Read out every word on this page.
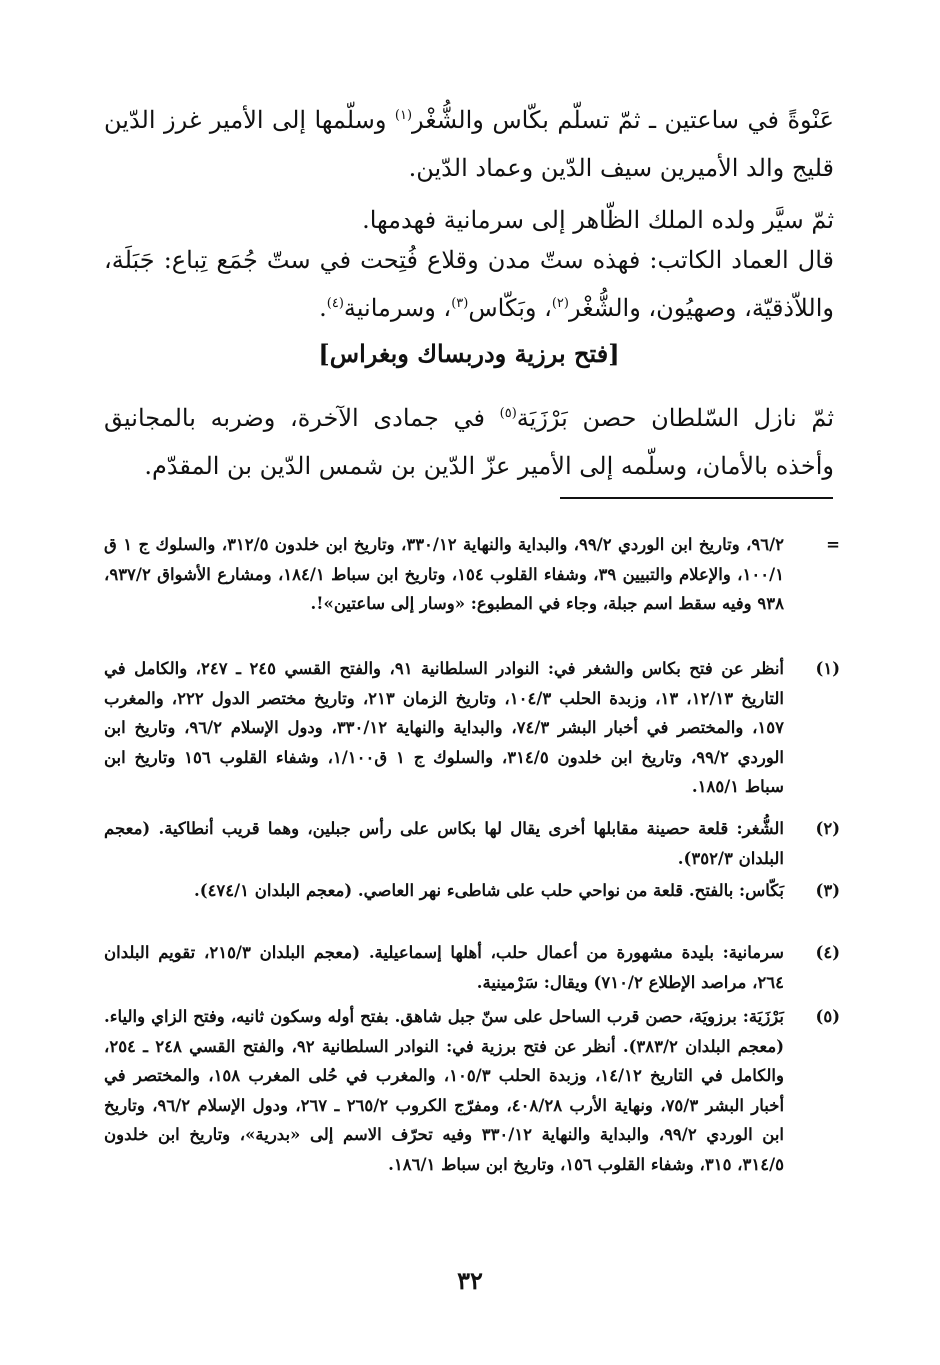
عَنْوةً في ساعتين ـ ثمّ تسلّم بكّاس والشُّغْر$^{(١)}$ وسلّمها إلى الأمير غرز الدّين قليج والد الأميرين سيف الدّين وعماد الدّين.
ثمّ سيَّر ولده الملك الظّاهر إلى سرمانية فهدمها.
قال العماد الكاتب: فهذه ستّ مدن وقلاع فُتِحت في ستّ جُمَع تِباع: جَبَلَة، واللاّذقيّة، وصهيُون، والشُّغْر$^{(٢)}$، وبَكّاس$^{(٣)}$، وسرمانية$^{(٤)}$.
[فتح برزية ودربساك وبغراس]
ثمّ نازل السّلطان حصن بَرْزَيَة$^{(٥)}$ في جمادى الآخرة، وضربه بالمجانيق وأخذه بالأمان، وسلّمه إلى الأمير عزّ الدّين بن شمس الدّين بن المقدّم.
=
٩٦/٢، وتاريخ ابن الوردي ٩٩/٢، والبداية والنهاية ٣٣٠/١٢، وتاريخ ابن خلدون ٣١٢/٥، والسلوك ج ١ ق ١٠٠/١، والإعلام والتبيين ٣٩، وشفاء القلوب ١٥٤، وتاريخ ابن سباط ١٨٤/١، ومشارع الأشواق ٩٣٧/٢، ٩٣٨ وفيه سقط اسم جبلة، وجاء في المطبوع: «وسار إلى ساعتين»!.
(١)
أنظر عن فتح بكاس والشغر في: النوادر السلطانية ٩١، والفتح القسي ٢٤٥ ـ ٢٤٧، والكامل في التاريخ ١٢/١٣، ١٣، وزبدة الحلب ١٠٤/٣، وتاريخ الزمان ٢١٣، وتاريخ مختصر الدول ٢٢٢، والمغرب ١٥٧، والمختصر في أخبار البشر ٧٤/٣، والبداية والنهاية ٣٣٠/١٢، ودول الإسلام ٩٦/٢، وتاريخ ابن الوردي ٩٩/٢، وتاريخ ابن خلدون ٣١٤/٥، والسلوك ج ١ ق١/١٠٠، وشفاء القلوب ١٥٦ وتاريخ ابن سباط ١٨٥/١.
(٢)
الشُّغر: قلعة حصينة مقابلها أخرى يقال لها بكاس على رأس جبلين، وهما قريب أنطاكية. (معجم البلدان ٣٥٢/٣).
(٣)
بَكّاس: بالفتح. قلعة من نواحي حلب على شاطىء نهر العاصي. (معجم البلدان ٤٧٤/١).
(٤)
سرمانية: بليدة مشهورة من أعمال حلب، أهلها إسماعيلية. (معجم البلدان ٢١٥/٣، تقويم البلدان ٢٦٤، مراصد الإطلاع ٧١٠/٢) ويقال: سَرْمينية.
(٥)
بَرْزَيَة: برزويَة، حصن قرب الساحل على سنّ جبل شاهق. بفتح أوله وسكون ثانيه، وفتح الزاي والياء. (معجم البلدان ٣٨٣/٢). أنظر عن فتح برزية في: النوادر السلطانية ٩٢، والفتح القسي ٢٤٨ ـ ٢٥٤، والكامل في التاريخ ١٤/١٢، وزبدة الحلب ١٠٥/٣، والمغرب في حُلى المغرب ١٥٨، والمختصر في أخبار البشر ٧٥/٣، ونهاية الأرب ٤٠٨/٢٨، ومفرّج الكروب ٢٦٥/٢ ـ ٢٦٧، ودول الإسلام ٩٦/٢، وتاريخ ابن الوردي ٩٩/٢، والبداية والنهاية ٣٣٠/١٢ وفيه تحرّف الاسم إلى «بدرية»، وتاريخ ابن خلدون ٣١٤/٥، ٣١٥، وشفاء القلوب ١٥٦، وتاريخ ابن سباط ١٨٦/١.
٣٢
